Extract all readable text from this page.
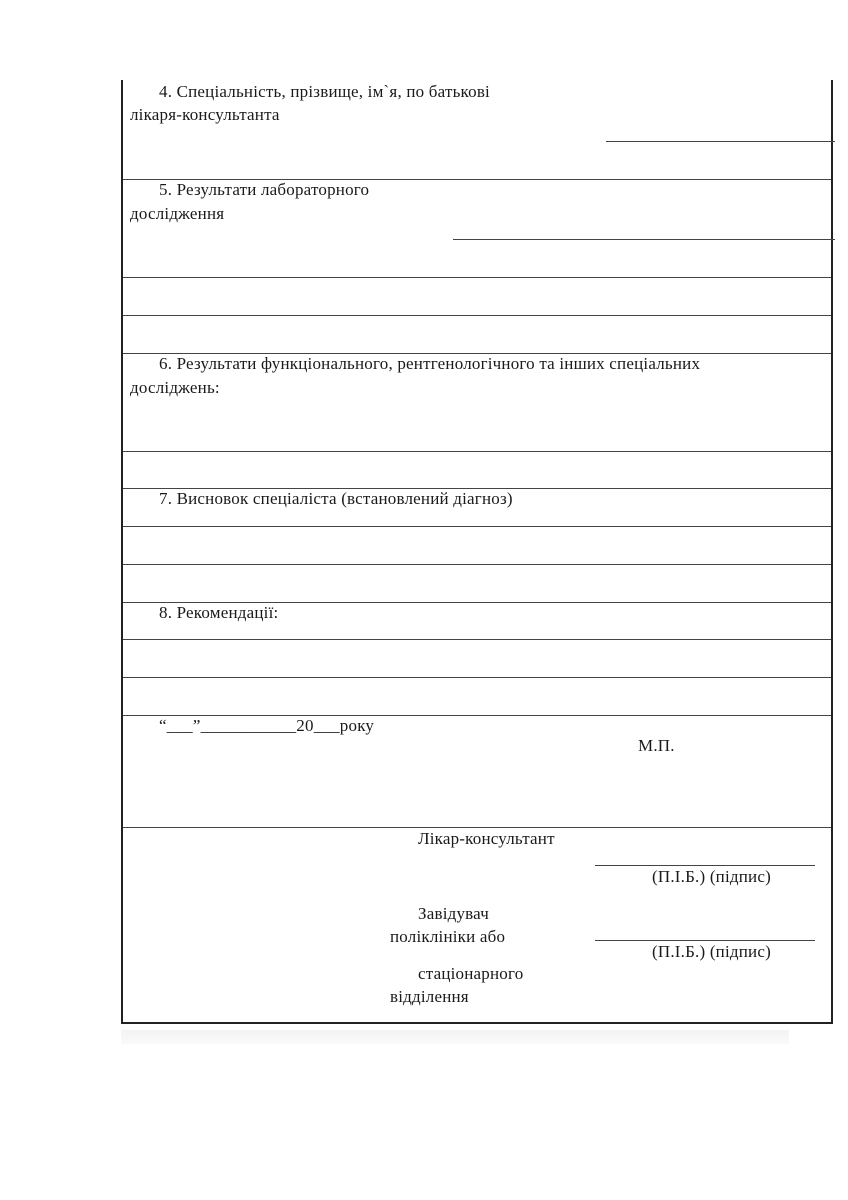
4. Спеціальність, прізвище, ім`я, по батькові
лікаря-консультанта
5. Результати лабораторного
дослідження
6. Результати функціонального, рентгенологічного та інших спеціальних
досліджень:
7. Висновок спеціаліста (встановлений діагноз)
8. Рекомендації:
“___”___________20___року
М.П.
Лікар-консультант
(П.І.Б.) (підпис)
Завідувач
поліклініки або
(П.І.Б.) (підпис)
стаціонарного
відділення
